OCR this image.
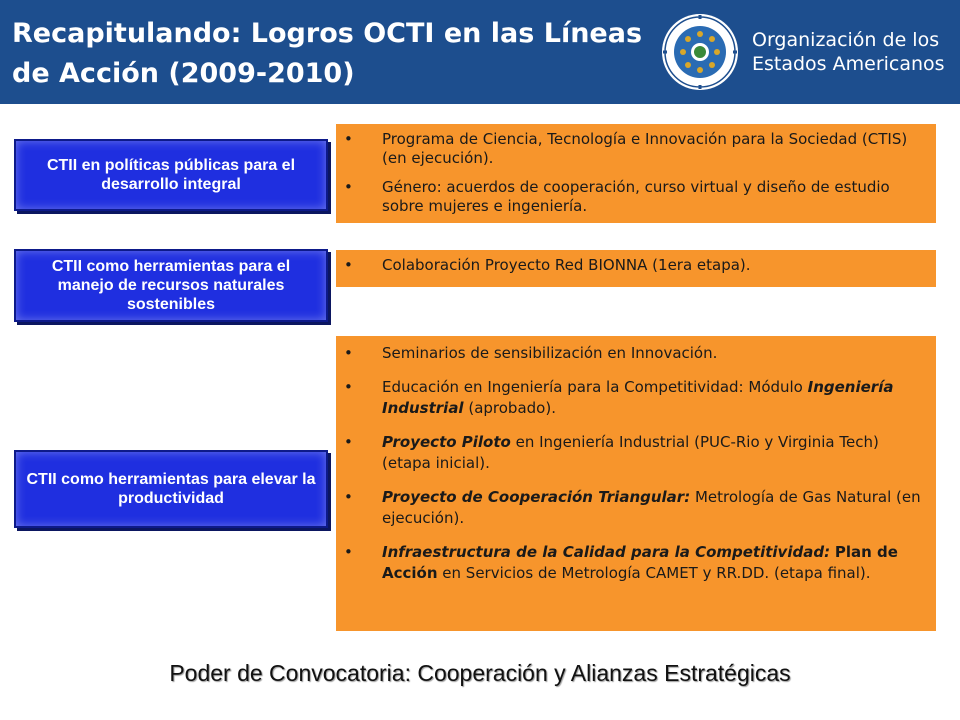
Recapitulando: Logros OCTI en las Líneas
de Acción (2009-2010)
Organización de los
Estados Americanos
CTII en políticas públicas para el desarrollo integral
• Programa de Ciencia, Tecnología e Innovación para la Sociedad (CTIS) (en ejecución).
• Género: acuerdos de cooperación, curso virtual y diseño de estudio sobre mujeres e ingeniería.
CTII como herramientas para el manejo de recursos naturales sostenibles
• Colaboración Proyecto Red BIONNA (1era etapa).
CTII como herramientas para elevar la productividad
• Seminarios de sensibilización en Innovación.
• Educación en Ingeniería para la Competitividad: Módulo Ingeniería Industrial (aprobado).
• Proyecto Piloto en Ingeniería Industrial (PUC-Rio y Virginia Tech) (etapa inicial).
• Proyecto de Cooperación Triangular: Metrología de Gas Natural (en ejecución).
• Infraestructura de la Calidad para la Competitividad: Plan de Acción en Servicios de Metrología CAMET y RR.DD. (etapa final).
Poder de Convocatoria: Cooperación y Alianzas Estratégicas
